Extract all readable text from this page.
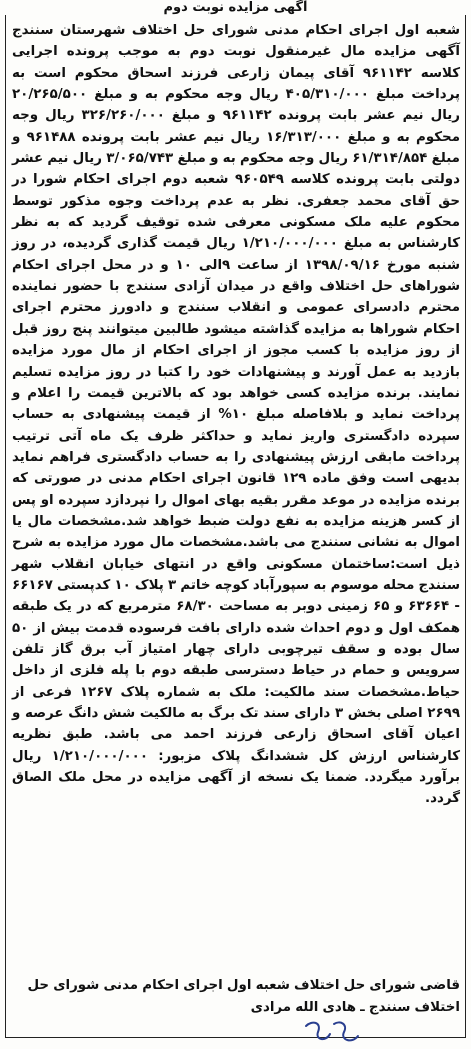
آگهی مزایده نوبت دوم
شعبه اول اجرای احکام مدنی شورای حل اختلاف شهرستان سنندج آگهی مزایده مال غیرمنقول نوبت دوم به موجب پرونده اجرایی کلاسه ۹۶۱۱۴۲ آقای پیمان زارعی فرزند اسحاق محکوم است به پرداخت مبلغ ۴۰۵/۳۱۰/۰۰۰ ریال وجه محکوم به و مبلغ ۲۰/۲۶۵/۵۰۰ ریال نیم عشر بابت پرونده ۹۶۱۱۴۲ و مبلغ ۳۲۶/۲۶۰/۰۰۰ ریال وجه محکوم به و مبلغ ۱۶/۳۱۳/۰۰۰ ریال نیم عشر بابت پرونده ۹۶۱۴۸۸ و مبلغ ۶۱/۳۱۴/۸۵۴ ریال وجه محکوم به و مبلغ ۳/۰۶۵/۷۴۳ ریال نیم عشر دولتی بابت پرونده کلاسه ۹۶۰۵۴۹ شعبه دوم اجرای احکام شورا در حق آقای محمد جعفری. نظر به عدم پرداخت وجوه مذکور توسط محکوم علیه ملک مسکونی معرفی شده توقیف گردید که به نظر کارشناس به مبلغ ۱/۲۱۰/۰۰۰/۰۰۰ ریال قیمت گذاری گردیده، در روز شنبه مورخ ۱۳۹۸/۰۹/۱۶ از ساعت ۹الی ۱۰ و در محل اجرای احکام شوراهای حل اختلاف واقع در میدان آزادی سنندج با حضور نماینده محترم دادسرای عمومی و انقلاب سنندج و دادورز محترم اجرای احکام شوراها به مزایده گذاشته میشود طالبین میتوانند پنج روز قبل از روز مزایده با کسب مجوز از اجرای احکام از مال مورد مزایده بازدید به عمل آورند و پیشنهادات خود را کتبا در روز مزایده تسلیم نمایند. برنده مزایده کسی خواهد بود که بالاترین قیمت را اعلام و پرداخت نماید و بلافاصله مبلغ ۱۰% از قیمت پیشنهادی به حساب سپرده دادگستری واریز نماید و حداکثر ظرف یک ماه آتی ترتیب پرداخت مابقی ارزش پیشنهادی را به حساب دادگستری فراهم نماید بدیهی است وفق ماده ۱۲۹ قانون اجرای احکام مدنی در صورتی که برنده مزایده در موعد مقرر بقیه بهای اموال را نپردازد سپرده او پس از کسر هزینه مزایده به نفع دولت ضبط خواهد شد.مشخصات مال یا اموال به نشانی سنندج می باشد.مشخصات مال مورد مزایده به شرح ذیل است:ساختمان مسکونی واقع در انتهای خیابان انقلاب شهر سنندج محله موسوم به سپورآباد کوچه خاتم ۳ پلاک ۱۰ کدپستی ۶۶۱۶۷ - ۶۳۶۶۴ و ۶۵ زمینی دوبر به مساحت ۶۸/۳۰ مترمربع که در یک طبقه همکف اول و دوم احداث شده دارای بافت فرسوده قدمت بیش از ۵۰ سال بوده و سقف تیرچوبی دارای چهار امتیاز آب برق گاز تلفن سرویس و حمام در حیاط دسترسی طبقه دوم با پله فلزی از داخل حیاط.مشخصات سند مالکیت: ملک به شماره پلاک ۱۲۶۷ فرعی از ۲۶۹۹ اصلی بخش ۳ دارای سند تک برگ به مالکیت شش دانگ عرصه و اعیان آقای اسحاق زارعی فرزند احمد می باشد. طبق نظریه کارشناس ارزش کل ششدانگ پلاک مزبور: ۱/۲۱۰/۰۰۰/۰۰۰ ریال برآورد میگردد. ضمنا یک نسخه از آگهی مزایده در محل ملک الصاق گردد.
قاضی شورای حل اختلاف شعبه اول اجرای احکام مدنی شورای حل
اختلاف سنندج ـ هادی الله مرادی
